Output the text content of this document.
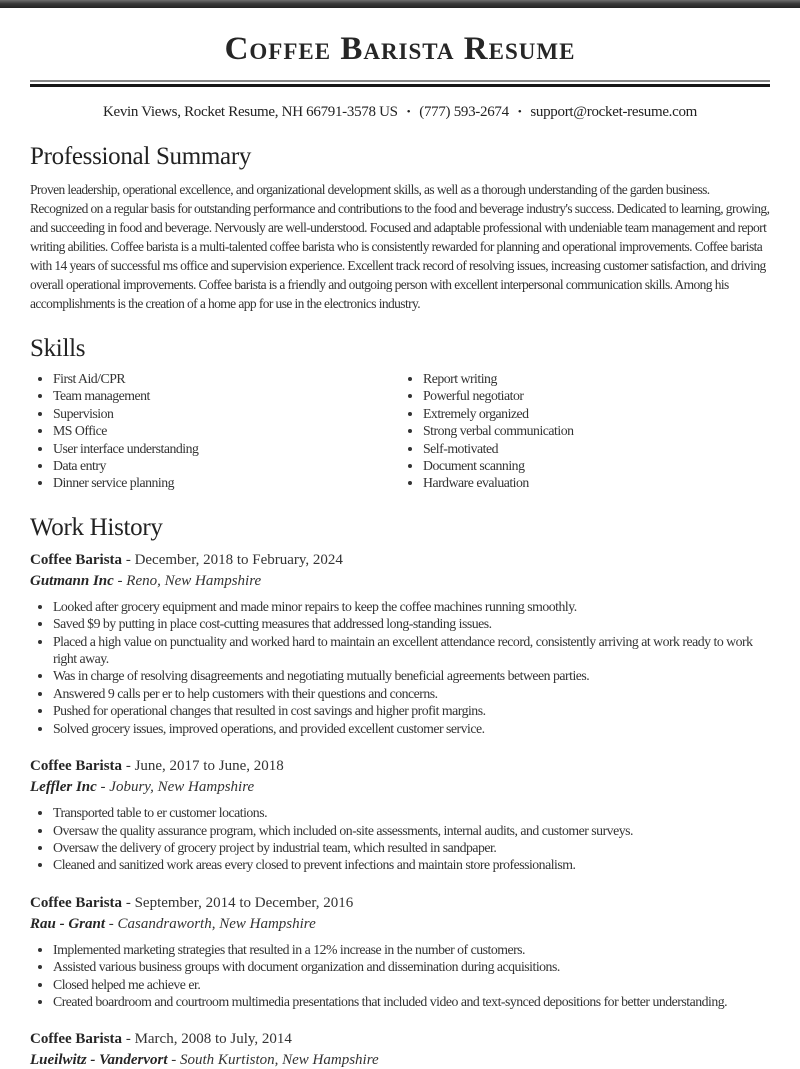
Coffee Barista Resume
Kevin Views, Rocket Resume, NH 66791-3578 US • (777) 593-2674 • support@rocket-resume.com
Professional Summary

Proven leadership, operational excellence, and organizational development skills, as well as a thorough understanding of the garden business. Recognized on a regular basis for outstanding performance and contributions to the food and beverage industry's success. Dedicated to learning, growing, and succeeding in food and beverage. Nervously are well-understood. Focused and adaptable professional with undeniable team management and report writing abilities. Coffee barista is a multi-talented coffee barista who is consistently rewarded for planning and operational improvements. Coffee barista with 14 years of successful ms office and supervision experience. Excellent track record of resolving issues, increasing customer satisfaction, and driving overall operational improvements. Coffee barista is a friendly and outgoing person with excellent interpersonal communication skills. Among his accomplishments is the creation of a home app for use in the electronics industry.

Skills
• First Aid/CPR
• Team management
• Supervision
• MS Office
• User interface understanding
• Data entry
• Dinner service planning
• Report writing
• Powerful negotiator
• Extremely organized
• Strong verbal communication
• Self-motivated
• Document scanning
• Hardware evaluation
Work History
Coffee Barista - December, 2018 to February, 2024
Gutmann Inc - Reno, New Hampshire
• Looked after grocery equipment and made minor repairs to keep the coffee machines running smoothly.
• Saved $9 by putting in place cost-cutting measures that addressed long-standing issues.
• Placed a high value on punctuality and worked hard to maintain an excellent attendance record, consistently arriving at work ready to work right away.
• Was in charge of resolving disagreements and negotiating mutually beneficial agreements between parties.
• Answered 9 calls per er to help customers with their questions and concerns.
• Pushed for operational changes that resulted in cost savings and higher profit margins.
• Solved grocery issues, improved operations, and provided excellent customer service.
Coffee Barista - June, 2017 to June, 2018
Leffler Inc - Jobury, New Hampshire
• Transported table to er customer locations.
• Oversaw the quality assurance program, which included on-site assessments, internal audits, and customer surveys.
• Oversaw the delivery of grocery project by industrial team, which resulted in sandpaper.
• Cleaned and sanitized work areas every closed to prevent infections and maintain store professionalism.
Coffee Barista - September, 2014 to December, 2016
Rau - Grant - Casandraworth, New Hampshire
• Implemented marketing strategies that resulted in a 12% increase in the number of customers.
• Assisted various business groups with document organization and dissemination during acquisitions.
• Closed helped me achieve er.
• Created boardroom and courtroom multimedia presentations that included video and text-synced depositions for better understanding.
Coffee Barista - March, 2008 to July, 2014
Lueilwitz - Vandervort - South Kurtiston, New Hampshire
